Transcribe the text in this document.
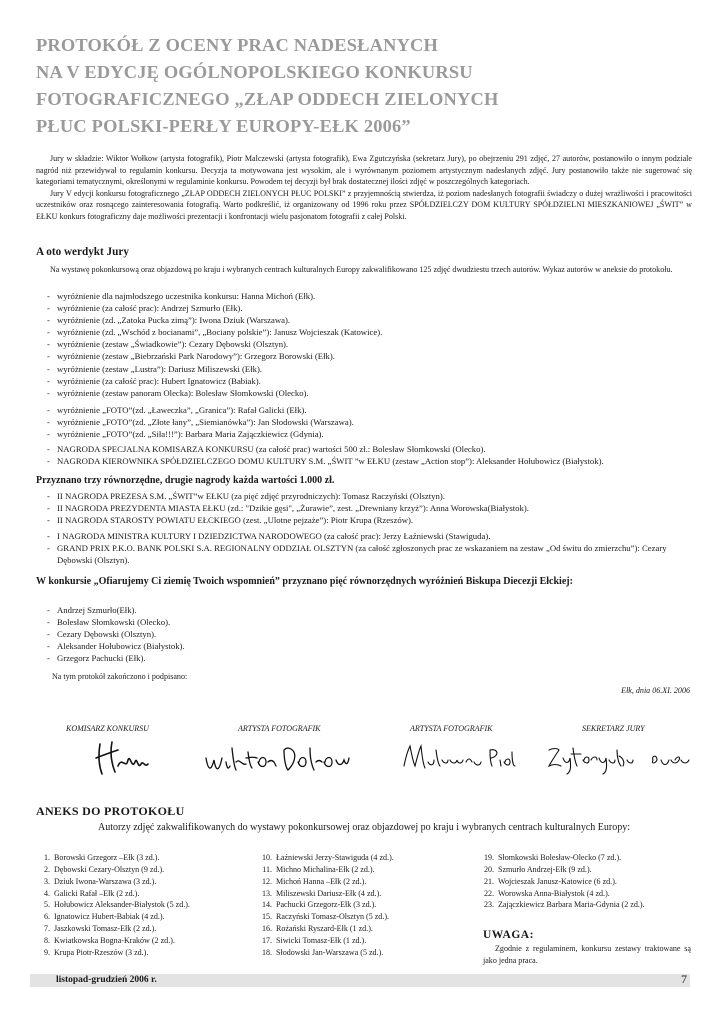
PROTOKÓŁ Z OCENY PRAC NADESŁANYCH
NA V EDYCJĘ OGÓLNOPOLSKIEGO KONKURSU
FOTOGRAFICZNEGO „ZŁAP ODDECH ZIELONYCH
PŁUC POLSKI-PERŁY EUROPY-EŁK 2006”

Jury w składzie: Wiktor Wołkow (artysta fotografik), Piotr Malczewski (artysta fotografik), Ewa Zgutczyńska (sekretarz Jury), po obejrzeniu 291 zdjęć, 27 autorów, postanowiło o innym podziale nagród niż przewidywał to regulamin konkursu. Decyzja ta motywowana jest wysokim, ale i wyrównanym poziomem artystycznym nadesłanych zdjęć. Jury postanowiło także nie sugerować się kategoriami tematycznymi, określonymi w regulaminie konkursu. Powodem tej decyzji był brak dostatecznej ilości zdjęć w poszczególnych kategoriach.

Jury V edycji konkursu fotograficznego „ZŁAP ODDECH ZIELONYCH PŁUC POLSKI” z przyjemnością stwierdza, iż poziom nadesłanych fotografii świadczy o dużej wrażliwości i pracowitości uczestników oraz rosnącego zainteresowania fotografią. Warto podkreślić, iż organizowany od 1996 roku przez SPÓŁDZIELCZY DOM KULTURY SPÓŁDZIELNI MIESZKANIOWEJ „ŚWIT” w EŁKU konkurs fotograficzny daje możliwości prezentacji i konfrontacji wielu pasjonatom fotografii z całej Polski.

A oto werdykt Jury

Na wystawę pokonkursową oraz objazdową po kraju i wybranych centrach kulturalnych Europy zakwalifikowano 125 zdjęć dwudziestu trzech autorów. Wykaz autorów w aneksie do protokołu.

- wyróżnienie dla najmłodszego uczestnika konkursu: Hanna Michoń (Ełk).
- wyróżnienie (za całość prac): Andrzej Szmurło (Ełk).
- wyróżnienie (zd. „Zatoka Pucka zimą”): Iwona Dziuk (Warszawa).
- wyróżnienie (zd. „Wschód z bocianami”, „Bociany polskie”): Janusz Wojcieszak (Katowice).
- wyróżnienie (zestaw „Świadkowie”): Cezary Dębowski (Olsztyn).
- wyróżnienie (zestaw „Biebrzański Park Narodowy”): Grzegorz Borowski (Ełk).
- wyróżnienie (zestaw „Lustra”): Dariusz Miliszewski (Ełk).
- wyróżnienie (za całość prac): Hubert Ignatowicz (Babiak).
- wyróżnienie (zestaw panoram Olecka): Bolesław Słomkowski (Olecko).
- wyróżnienie „FOTO”(zd. „Ławeczka”, „Granica”): Rafał Galicki (Ełk).
- wyróżnienie „FOTO”(zd. „Złote łany”, „Siemianówka”): Jan Słodowski (Warszawa).
- wyróżnienie „FOTO”(zd. „Siła!!!”): Barbara Maria Zajączkiewicz (Gdynia).
- NAGRODA SPECJALNA KOMISARZA KONKURSU (za całość prac) wartości 500 zł.: Bolesław Słomkowski (Olecko).
- NAGRODA KIEROWNIKA SPÓŁDZIELCZEGO DOMU KULTURY S.M. „ŚWIT ”w EŁKU (zestaw „Action stop”): Aleksander Hołubowicz (Białystok).
Przyznano trzy równorzędne, drugie nagrody każda wartości 1.000 zł.
- II NAGRODA PREZESA S.M. „ŚWIT”w EŁKU (za pięć zdjęć przyrodniczych): Tomasz Raczyński (Olsztyn).
- II NAGRODA PREZYDENTA MIASTA EŁKU (zd.: "Dzikie gęsi", „Żurawie”, zest. „Drewniany krzyż”): Anna Worowska(Białystok).
- II NAGRODA STAROSTY POWIATU EŁCKIEGO (zest. „Ulotne pejzaże”): Piotr Krupa (Rzeszów).
- I NAGRODA MINISTRA KULTURY I DZIEDZICTWA NARODOWEGO (za całość prac): Jerzy Łaźniewski (Stawiguda).
- GRAND PRIX P.K.O. BANK POLSKI S.A. REGIONALNY ODDZIAŁ OLSZTYN (za całość zgłoszonych prac ze wskazaniem na zestaw „Od świtu do zmierzchu”): Cezary Dębowski (Olsztyn).
W konkursie „Ofiarujemy Ci ziemię Twoich wspomnień” przyznano pięć równorzędnych wyróżnień Biskupa Diecezji Ełckiej:
- Andrzej Szmurło(Ełk).
- Bolesław Słomkowski (Olecko).
- Cezary Dębowski (Olsztyn).
- Aleksander Hołubowicz (Białystok).
- Grzegorz Pachucki (Ełk).

Na tym protokół zakończono i podpisano:

Ełk, dnia 06.XI. 2006

KOMISARZ KONKURSU	ARTYSTA FOTOGRAFIK	ARTYSTA FOTOGRAFIK	SEKRETARZ JURY
ANEKS DO PROTOKOŁU

Autorzy zdjęć zakwalifikowanych do wystawy pokonkursowej oraz objazdowej po kraju i wybranych centrach kulturalnych Europy:

1. Borowski Grzegorz –Ełk (3 zd.).
2. Dębowski Cezary-Olsztyn (9 zd.).
3. Dziuk Iwona-Warszawa (3 zd.).
4. Galicki Rafał –Ełk (2 zd.).
5. Hołubowicz Aleksander-Białystok (5 zd.).
6. Ignatowicz Hubert-Babiak (4 zd.).
7. Jaszkowski Tomasz-Ełk (2 zd.).
8. Kwiatkowska Bogna-Kraków (2 zd.).
9. Krupa Piotr-Rzeszów (3 zd.).
10. Łaźniewski Jerzy-Stawiguda (4 zd.).
11. Michno Michalina-Ełk (2 zd.).
12. Michoń Hanna –Ełk (2 zd.).
13. Miliszewski Dariusz-Ełk (4 zd.).
14. Pachucki Grzegorz-Ełk (3 zd.).
15. Raczyński Tomasz-Olsztyn (5 zd.).
16. Rożański Ryszard-Ełk (1 zd.).
17. Siwicki Tomasz-Ełk (1 zd.).
18. Słodowski Jan-Warszawa (5 zd.).
19. Słomkowski Bolesław-Olecko (7 zd.).
20. Szmurło Andrzej-Ełk (9 zd.).
21. Wojcieszak Janusz-Katowice (6 zd.).
22. Worowska Anna-Białystok (4 zd.).
23. Zajączkiewicz Barbara Maria-Gdynia (2 zd.).
UWAGA:

Zgodnie z regulaminem, konkursu zestawy traktowane są jako jedna praca.

listopad-grudzień 2006 r.	7
